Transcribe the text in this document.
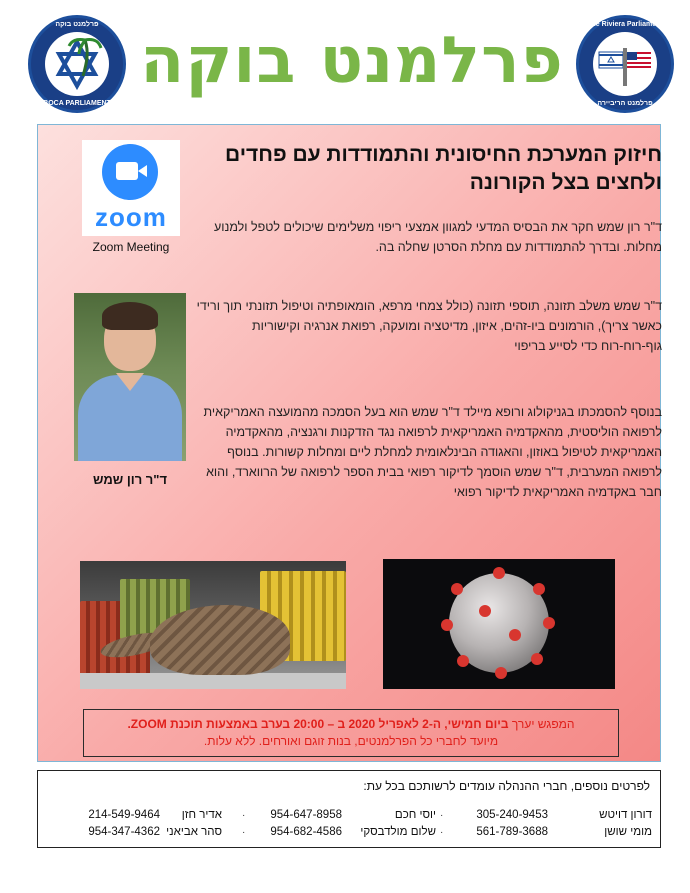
פרלמנט בוקה
BOCA PARLIAMENT
פרלמנט בוקה	The Riviera Parliament
פרלמנט הריביירה
חיזוק המערכת החיסונית והתמודדות עם פחדים ולחצים בצל הקורונה
ד"ר רון שמש חקר את הבסיס המדעי למגוון אמצעי ריפוי משלימים שיכולים לטפל ולמנוע מחלות. ובדרך להתמודדות עם מחלת הסרטן שחלה בה.
ד"ר שמש משלב תזונה, תוספי תזונה (כולל צמחי מרפא, הומאופתיה וטיפול תזונתי תוך ורידי כאשר צריך), הורמונים ביו-זהים, איזון, מדיטציה ומועקה, רפואת אנרגיה וקישוריות גוף-רוח-רוח כדי לסייע בריפוי
בנוסף להסמכתו בגניקולוג ורופא מיילד ד"ר שמש הוא בעל הסמכה מהמועצה האמריקאית לרפואה הוליסטית, מהאקדמיה האמריקאית לרפואה נגד הזדקנות ורגנציה, מהאקדמיה האמריקאית לטיפול באוזון, והאגודה הבינלאומית למחלת ליים ומחלות קשורות. בנוסף לרפואה המערבית, ד"ר שמש הוסמך לדיקור רפואי בבית הספר לרפואה של הרווארד, והוא חבר באקדמיה האמריקאית לדיקור רפואי
zoom
Zoom Meeting
ד"ר רון שמש
המפגש יערך ביום חמישי, ה-2 לאפריל 2020 ב – 20:00 בערב באמצעות תוכנת ZOOM.
מיועד לחברי כל הפרלמנטים, בנות זוגם ואורחים. ללא עלות.
לפרטים נוספים, חברי ההנהלה עומדים לרשותכם בכל עת:
דורון דויטש
305-240-9453
·
יוסי חכם
954-647-8958
·
אדיר חזן
214-549-9464
מומי שושן
561-789-3688
·
שלום מולדבסקי
954-682-4586
·
סהר אביאני
954-347-4362
